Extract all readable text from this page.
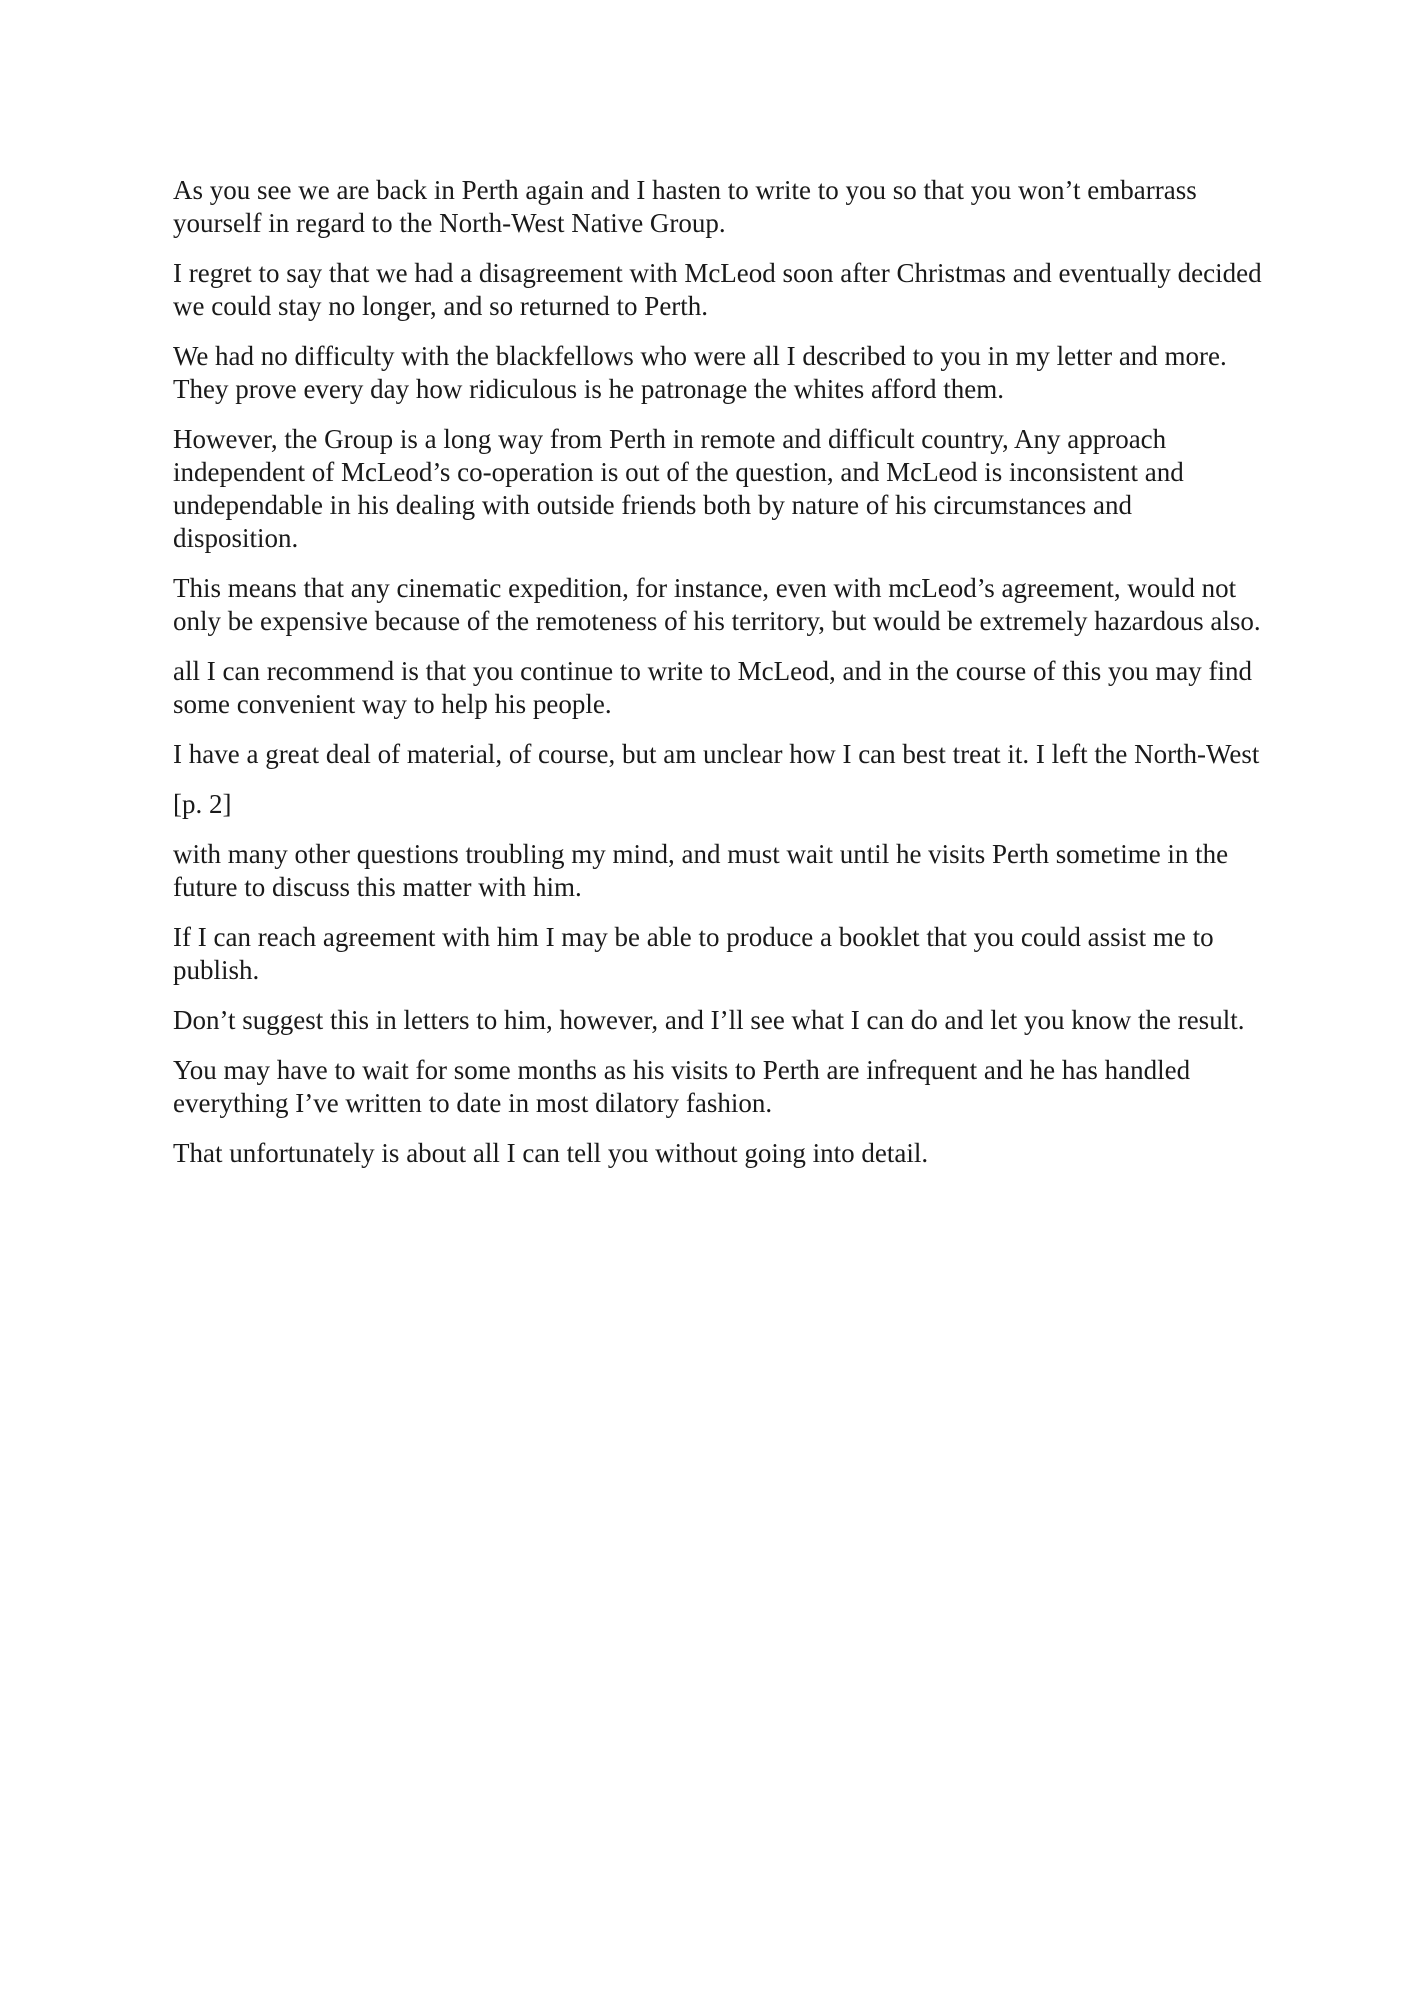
As you see we are back in Perth again and I hasten to write to you so that you won’t embarrass yourself in regard to the North-West Native Group.

I regret to say that we had a disagreement with McLeod soon after Christmas and eventually decided we could stay no longer, and so returned to Perth.

We had no difficulty with the blackfellows who were all I described to you in my letter and more. They prove every day how ridiculous is he patronage the whites afford them.

However, the Group is a long way from Perth in remote and difficult country, Any approach independent of McLeod’s co-operation is out of the question, and McLeod is inconsistent and undependable in his dealing with outside friends both by nature of his circumstances and disposition.

This means that any cinematic expedition, for instance, even with mcLeod’s agreement, would not only be expensive because of the remoteness of his territory, but would be extremely hazardous also.

all I can recommend is that you continue to write to McLeod, and in the course of this you may find some convenient way to help his people.

I have a great deal of material, of course, but am unclear how I can best treat it. I left the North-West

[p. 2]

with many other questions troubling my mind, and must wait until he visits Perth sometime in the future to discuss this matter with him.

If I can reach agreement with him I may be able to produce a booklet that you could assist me to publish.

Don’t suggest this in letters to him, however, and I’ll see what I can do and let you know the result.

You may have to wait for some months as his visits to Perth are infrequent and he has handled everything I’ve written to date in most dilatory fashion.

That unfortunately is about all I can tell you without going into detail.
